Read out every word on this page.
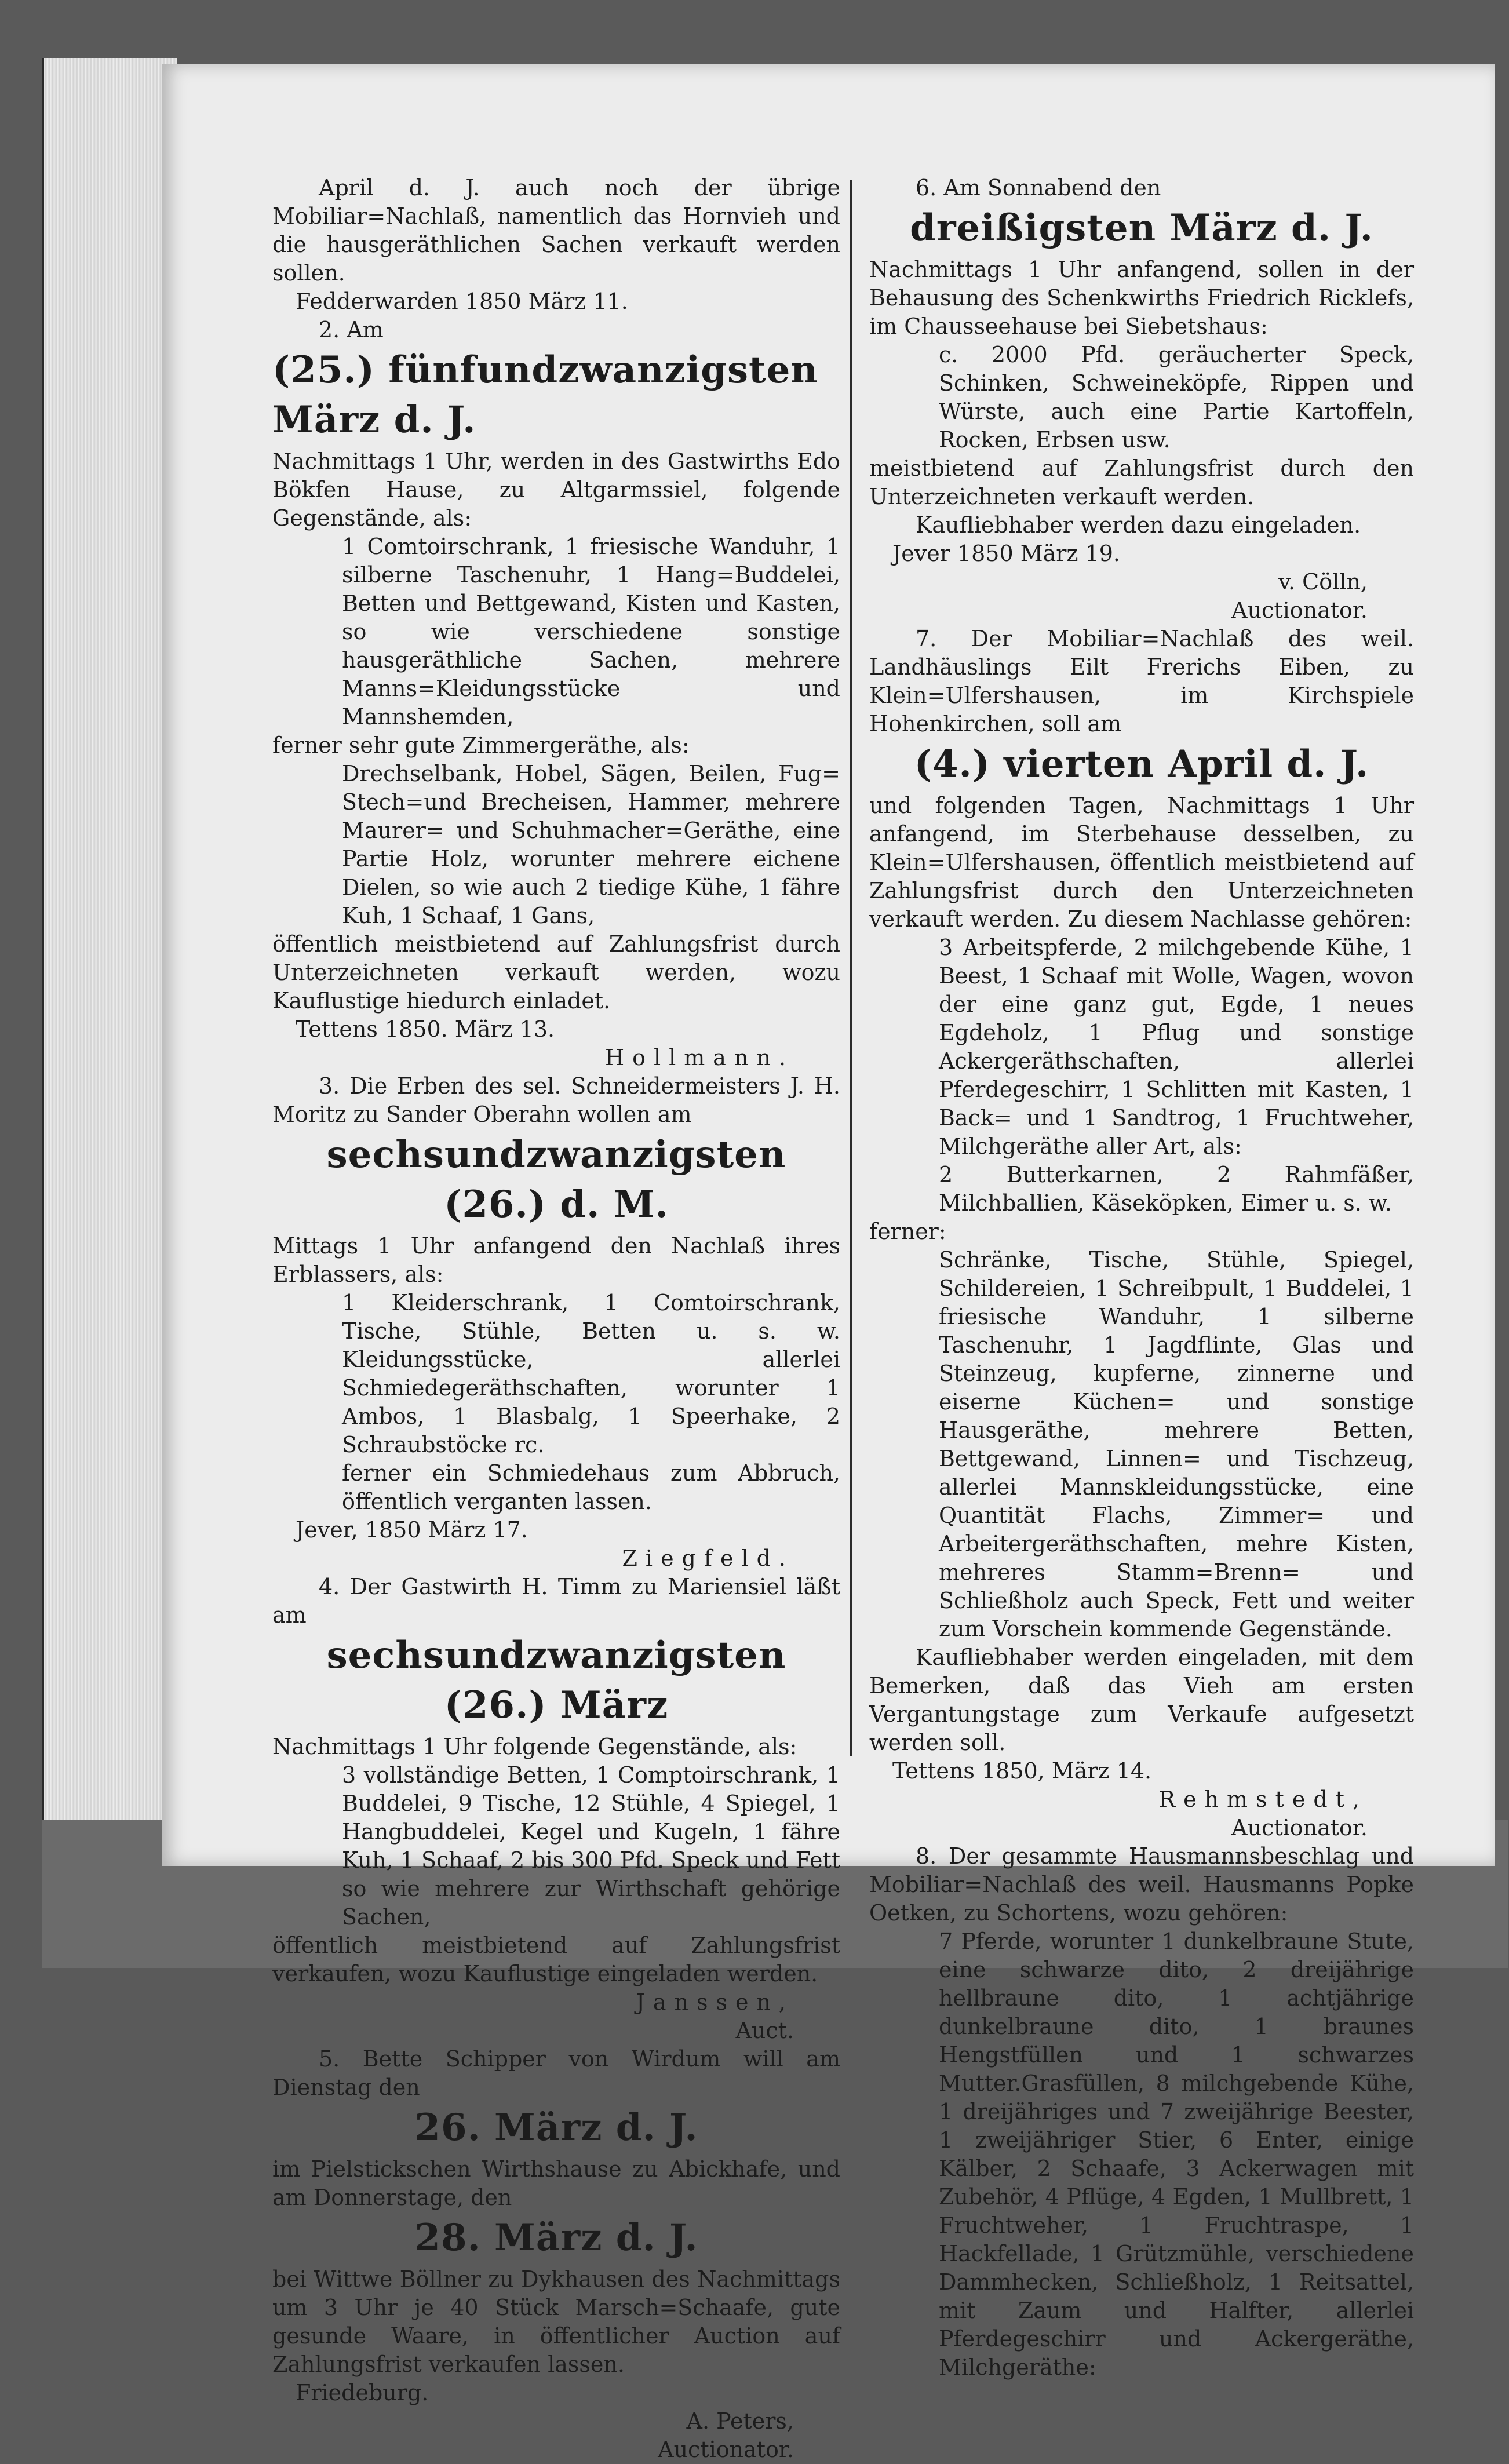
April d. J. auch noch der übrige Mobiliar=Nachlaß, namentlich das Hornvieh und die hausgeräthlichen Sachen verkauft werden sollen.

Fedderwarden 1850 März 11.

2. Am

(25.) fünfundzwanzigsten März d. J.

Nachmittags 1 Uhr, werden in des Gastwirths Edo Bökfen Hause, zu Altgarmssiel, folgende Gegenstände, als:

1 Comtoirschrank, 1 friesische Wanduhr, 1 silberne Taschenuhr, 1 Hang=Buddelei, Betten und Bettgewand, Kisten und Kasten, so wie verschiedene sonstige hausgeräthliche Sachen, mehrere Manns=Kleidungsstücke und Mannshemden,

ferner sehr gute Zimmergeräthe, als:

Drechselbank, Hobel, Sägen, Beilen, Fug= Stech=und Brecheisen, Hammer, mehrere Maurer= und Schuhmacher=Geräthe, eine Partie Holz, worunter mehrere eichene Dielen, so wie auch 2 tiedige Kühe, 1 fähre Kuh, 1 Schaaf, 1 Gans,

öffentlich meistbietend auf Zahlungsfrist durch Unterzeichneten verkauft werden, wozu Kauflustige hiedurch einladet.

Tettens 1850. März 13.

Hollmann.

3. Die Erben des sel. Schneidermeisters J. H. Moritz zu Sander Oberahn wollen am

sechsundzwanzigsten (26.) d. M.

Mittags 1 Uhr anfangend den Nachlaß ihres Erblassers, als:

1 Kleiderschrank, 1 Comtoirschrank, Tische, Stühle, Betten u. s. w. Kleidungsstücke, allerlei Schmiedegeräthschaften, worunter 1 Ambos, 1 Blasbalg, 1 Speerhake, 2 Schraubstöcke rc.

ferner ein Schmiedehaus zum Abbruch, öffentlich verganten lassen.

Jever, 1850 März 17.

Ziegfeld.

4. Der Gastwirth H. Timm zu Mariensiel läßt am

sechsundzwanzigsten (26.) März

Nachmittags 1 Uhr folgende Gegenstände, als:

3 vollständige Betten, 1 Comptoirschrank, 1 Buddelei, 9 Tische, 12 Stühle, 4 Spiegel, 1 Hangbuddelei, Kegel und Kugeln, 1 fähre Kuh, 1 Schaaf, 2 bis 300 Pfd. Speck und Fett so wie mehrere zur Wirthschaft gehörige Sachen,

öffentlich meistbietend auf Zahlungsfrist verkaufen, wozu Kauflustige eingeladen werden.

Janssen,

Auct.

5. Bette Schipper von Wirdum will am Dienstag den

26. März d. J.

im Pielstickschen Wirthshause zu Abickhafe, und am Donnerstage, den

28. März d. J.

bei Wittwe Böllner zu Dykhausen des Nachmittags um 3 Uhr je 40 Stück Marsch=Schaafe, gute gesunde Waare, in öffentlicher Auction auf Zahlungsfrist verkaufen lassen.

Friedeburg.

A. Peters,

Auctionator.

6. Am Sonnabend den

dreißigsten März d. J.

Nachmittags 1 Uhr anfangend, sollen in der Behausung des Schenkwirths Friedrich Ricklefs, im Chausseehause bei Siebetshaus:

c. 2000 Pfd. geräucherter Speck, Schinken, Schweineköpfe, Rippen und Würste, auch eine Partie Kartoffeln, Rocken, Erbsen usw.

meistbietend auf Zahlungsfrist durch den Unterzeichneten verkauft werden.

Kaufliebhaber werden dazu eingeladen.

Jever 1850 März 19.

v. Cölln,

Auctionator.

7. Der Mobiliar=Nachlaß des weil. Landhäuslings Eilt Frerichs Eiben, zu Klein=Ulfershausen, im Kirchspiele Hohenkirchen, soll am

(4.) vierten April d. J.

und folgenden Tagen, Nachmittags 1 Uhr anfangend, im Sterbehause desselben, zu Klein=Ulfershausen, öffentlich meistbietend auf Zahlungsfrist durch den Unterzeichneten verkauft werden. Zu diesem Nachlasse gehören:

3 Arbeitspferde, 2 milchgebende Kühe, 1 Beest, 1 Schaaf mit Wolle, Wagen, wovon der eine ganz gut, Egde, 1 neues Egdeholz, 1 Pflug und sonstige Ackergeräthschaften, allerlei Pferdegeschirr, 1 Schlitten mit Kasten, 1 Back= und 1 Sandtrog, 1 Fruchtweher, Milchgeräthe aller Art, als:

2 Butterkarnen, 2 Rahmfäßer, Milchballien, Käseköpken, Eimer u. s. w.

ferner:

Schränke, Tische, Stühle, Spiegel, Schildereien, 1 Schreibpult, 1 Buddelei, 1 friesische Wanduhr, 1 silberne Taschenuhr, 1 Jagdflinte, Glas und Steinzeug, kupferne, zinnerne und eiserne Küchen= und sonstige Hausgeräthe, mehrere Betten, Bettgewand, Linnen= und Tischzeug, allerlei Mannskleidungsstücke, eine Quantität Flachs, Zimmer= und Arbeitergeräthschaften, mehre Kisten, mehreres Stamm=Brenn= und Schließholz auch Speck, Fett und weiter zum Vorschein kommende Gegenstände.

Kaufliebhaber werden eingeladen, mit dem Bemerken, daß das Vieh am ersten Vergantungstage zum Verkaufe aufgesetzt werden soll.

Tettens 1850, März 14.

Rehmstedt,

Auctionator.

8. Der gesammte Hausmannsbeschlag und Mobiliar=Nachlaß des weil. Hausmanns Popke Oetken, zu Schortens, wozu gehören:

7 Pferde, worunter 1 dunkelbraune Stute, eine schwarze dito, 2 dreijährige hellbraune dito, 1 achtjährige dunkelbraune dito, 1 braunes Hengstfüllen und 1 schwarzes Mutter.Grasfüllen, 8 milchgebende Kühe, 1 dreijähriges und 7 zweijährige Beester, 1 zweijähriger Stier, 6 Enter, einige Kälber, 2 Schaafe, 3 Ackerwagen mit Zubehör, 4 Pflüge, 4 Egden, 1 Mullbrett, 1 Fruchtweher, 1 Fruchtraspe, 1 Hackfellade, 1 Grützmühle, verschiedene Dammhecken, Schließholz, 1 Reitsattel, mit Zaum und Halfter, allerlei Pferdegeschirr und Ackergeräthe, Milchgeräthe:
